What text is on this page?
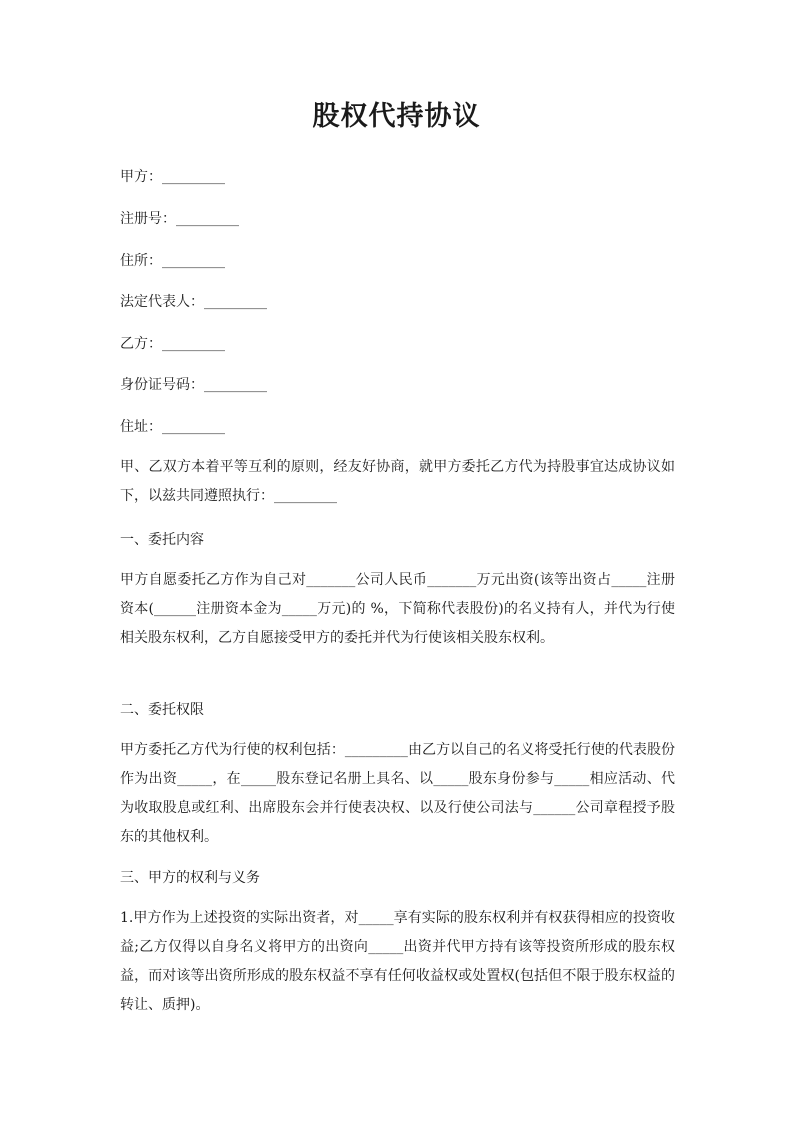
股权代持协议

甲方：_________

注册号：_________

住所：_________

法定代表人：_________

乙方：_________

身份证号码：_________

住址：_________

甲、乙双方本着平等互利的原则，经友好协商，就甲方委托乙方代为持股事宜达成协议如下，以兹共同遵照执行：_________

一、委托内容

甲方自愿委托乙方作为自己对_______公司人民币_______万元出资(该等出资占_____注册资本(______注册资本金为_____万元)的 %，下简称代表股份)的名义持有人，并代为行使相关股东权利，乙方自愿接受甲方的委托并代为行使该相关股东权利。

二、委托权限

甲方委托乙方代为行使的权利包括：_________由乙方以自己的名义将受托行使的代表股份作为出资_____，在_____股东登记名册上具名、以_____股东身份参与_____相应活动、代为收取股息或红利、出席股东会并行使表决权、以及行使公司法与______公司章程授予股东的其他权利。

三、甲方的权利与义务

1.甲方作为上述投资的实际出资者，对_____享有实际的股东权利并有权获得相应的投资收益;乙方仅得以自身名义将甲方的出资向_____出资并代甲方持有该等投资所形成的股东权益，而对该等出资所形成的股东权益不享有任何收益权或处置权(包括但不限于股东权益的转让、质押)。
